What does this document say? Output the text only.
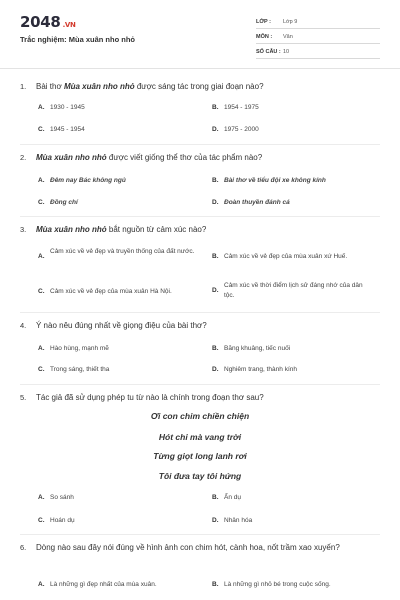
2048 .VN
Trắc nghiệm: Mùa xuân nho nhỏ
LỚP : Lớp 9
MÔN : Văn
SỐ CÂU : 10
1. Bài thơ Mùa xuân nho nhỏ được sáng tác trong giai đoạn nào?
A. 1930 - 1945	B. 1954 - 1975
C. 1945 - 1954	D. 1975 - 2000
2. Mùa xuân nho nhỏ được viết giống thể thơ của tác phẩm nào?
A. Đêm nay Bác không ngủ	B. Bài thơ về tiểu đội xe không kính
C. Đồng chí	D. Đoàn thuyền đánh cá
3. Mùa xuân nho nhỏ bắt nguồn từ cảm xúc nào?
A.
Cảm xúc về vẻ đẹp và truyền thống của đất nước.
B. Cảm xúc về vẻ đẹp của mùa xuân xứ Huế.
C. Cảm xúc về vẻ đẹp của mùa xuân Hà Nội.	D.
Cảm xúc về thời điểm lịch sử đáng nhớ của dân tộc.
4. Ý nào nêu đúng nhất về giọng điệu của bài thơ?
A. Hào hùng, mạnh mẽ	B. Băng khuâng, tiếc nuối
C. Trong sáng, thiết tha	D. Nghiêm trang, thành kính
5. Tác giả đã sử dụng phép tu từ nào là chính trong đoạn thơ sau?
Ơi con chim chiền chiện
Hót chi mà vang trời
Từng giọt long lanh rơi
Tôi đưa tay tôi hứng
A. So sánh	B. Ẩn dụ
C. Hoán dụ	D. Nhân hóa
6. Dòng nào sau đây nói đúng về hình ảnh con chim hót, cành hoa, nốt trầm xao xuyến?
A. Là những gì đẹp nhất của mùa xuân.	B. Là những gì nhỏ bé trong cuộc sống.
